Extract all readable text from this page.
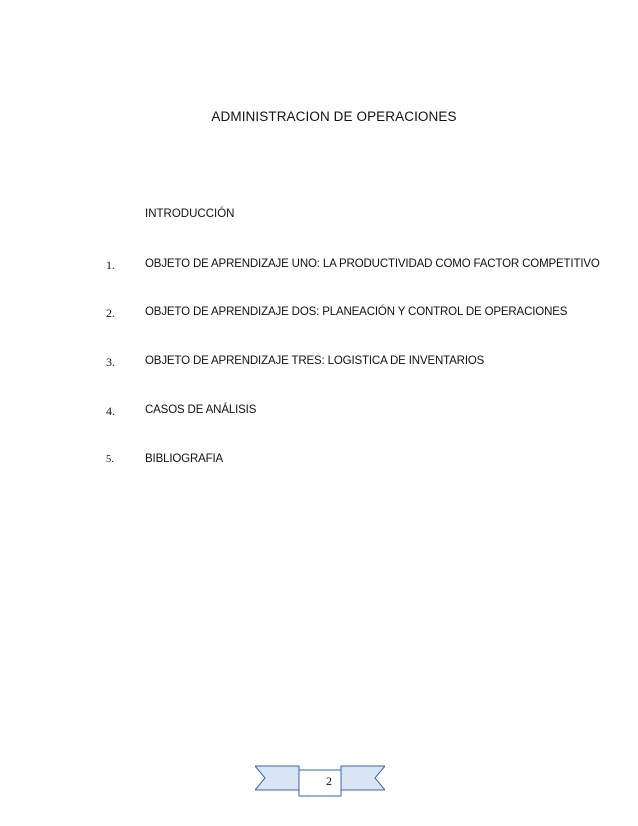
ADMINISTRACION DE OPERACIONES
INTRODUCCIÓN
1.	OBJETO DE APRENDIZAJE UNO: LA PRODUCTIVIDAD COMO FACTOR COMPETITIVO
2.	OBJETO DE APRENDIZAJE DOS: PLANEACIÓN Y CONTROL DE OPERACIONES
3.	OBJETO DE APRENDIZAJE TRES: LOGISTICA DE INVENTARIOS
4.	CASOS DE ANÁLISIS
5.	BIBLIOGRAFIA
2
